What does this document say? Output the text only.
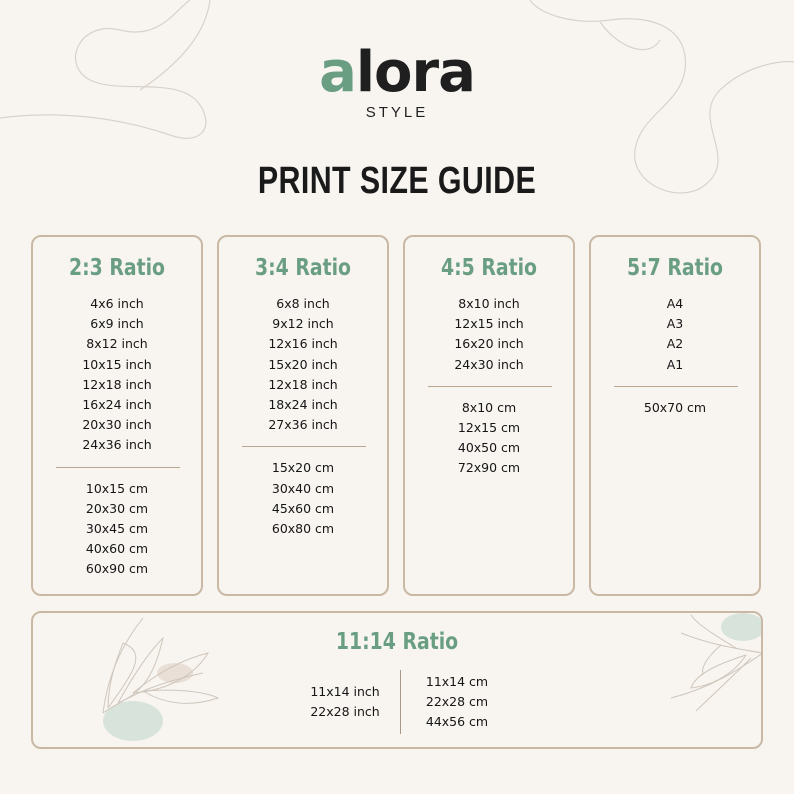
alora
STYLE
PRINT SIZE GUIDE
2:3 Ratio
4x6 inch
6x9 inch
8x12 inch
10x15 inch
12x18 inch
16x24 inch
20x30 inch
24x36 inch
10x15 cm
20x30 cm
30x45 cm
40x60 cm
60x90 cm
3:4 Ratio
6x8 inch
9x12 inch
12x16 inch
15x20 inch
12x18 inch
18x24 inch
27x36 inch
15x20 cm
30x40 cm
45x60 cm
60x80 cm
4:5 Ratio
8x10 inch
12x15 inch
16x20 inch
24x30 inch
8x10 cm
12x15 cm
40x50 cm
72x90 cm
5:7 Ratio
A4
A3
A2
A1
50x70 cm
11:14 Ratio
11x14 inch
22x28 inch
11x14 cm
22x28 cm
44x56 cm
